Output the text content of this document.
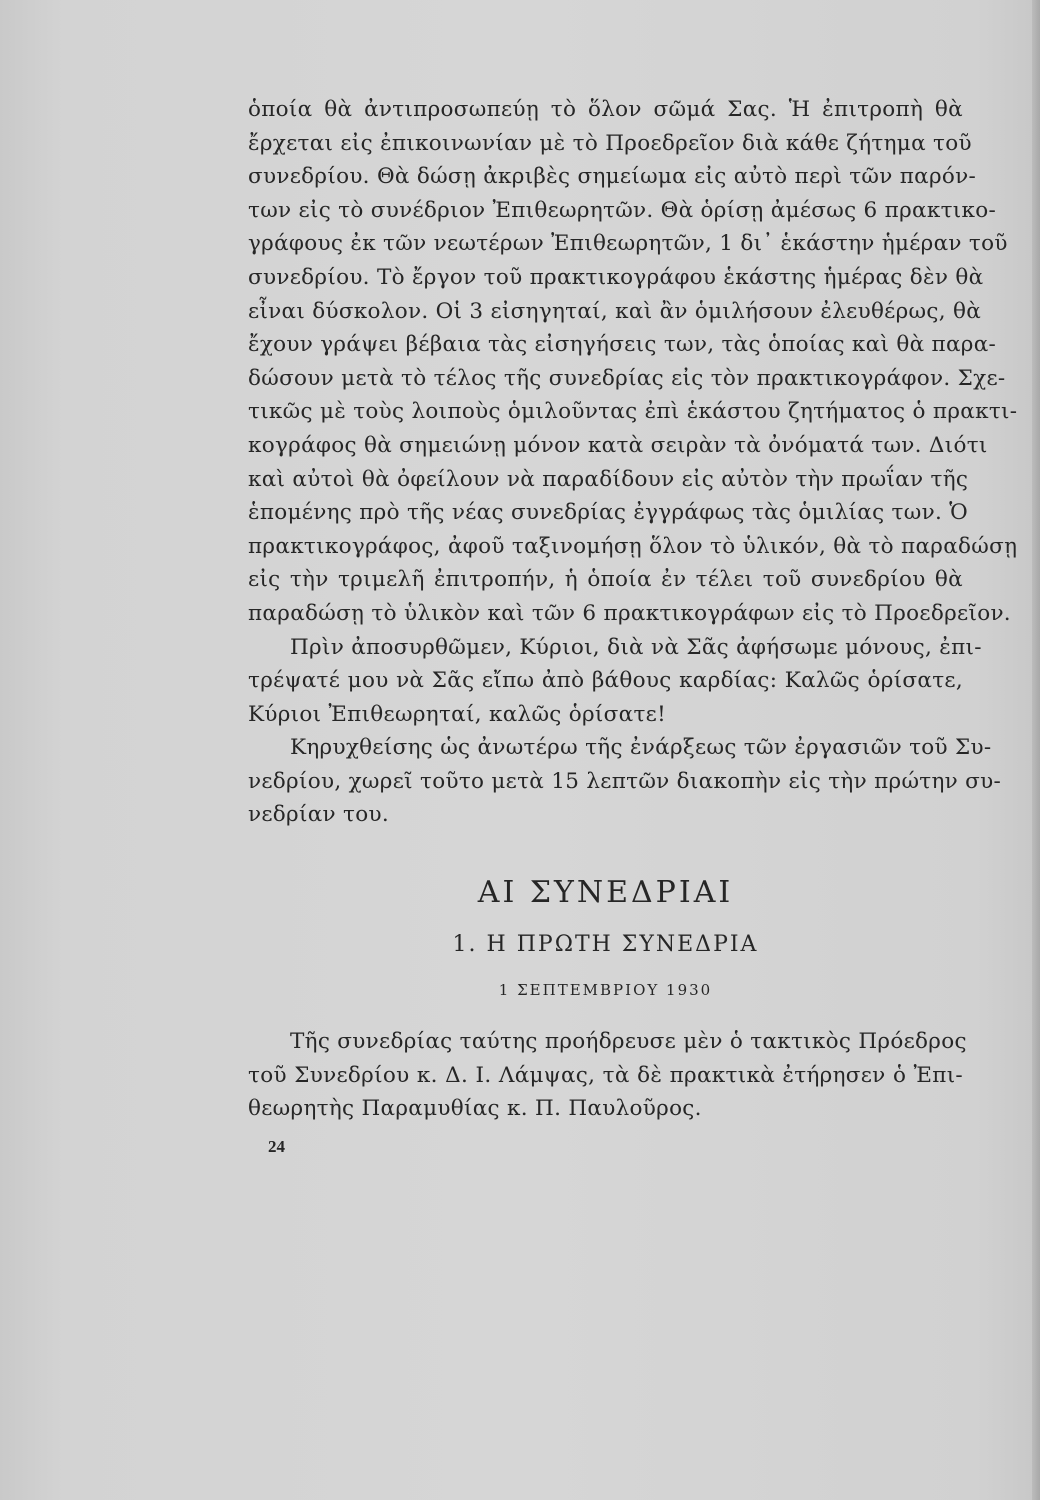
ὁποία θὰ ἀντιπροσωπεύῃ τὸ ὅλον σῶμά Σας. Ἡ ἐπιτροπὴ θὰ
ἔρχεται εἰς ἐπικοινωνίαν μὲ τὸ Προεδρεῖον διὰ κάθε ζήτημα τοῦ
συνεδρίου. Θὰ δώσῃ ἀκριβὲς σημείωμα εἰς αὐτὸ περὶ τῶν παρόν-
των εἰς τὸ συνέδριον Ἐπιθεωρητῶν. Θὰ ὁρίσῃ ἀμέσως 6 πρακτικο-
γράφους ἐκ τῶν νεωτέρων Ἐπιθεωρητῶν, 1 δι᾽ ἑκάστην ἡμέραν τοῦ
συνεδρίου. Τὸ ἔργον τοῦ πρακτικογράφου ἑκάστης ἡμέρας δὲν θὰ
εἶναι δύσκολον. Οἱ 3 εἰσηγηταί, καὶ ἂν ὁμιλήσουν ἐλευθέρως, θὰ
ἔχουν γράψει βέβαια τὰς εἰσηγήσεις των, τὰς ὁποίας καὶ θὰ παρα-
δώσουν μετὰ τὸ τέλος τῆς συνεδρίας εἰς τὸν πρακτικογράφον. Σχε-
τικῶς μὲ τοὺς λοιποὺς ὁμιλοῦντας ἐπὶ ἑκάστου ζητήματος ὁ πρακτι-
κογράφος θὰ σημειώνῃ μόνον κατὰ σειρὰν τὰ ὀνόματά των. Διότι
καὶ αὐτοὶ θὰ ὀφείλουν νὰ παραδίδουν εἰς αὐτὸν τὴν πρωΐαν τῆς
ἑπομένης πρὸ τῆς νέας συνεδρίας ἐγγράφως τὰς ὁμιλίας των. Ὁ
πρακτικογράφος, ἀφοῦ ταξινομήσῃ ὅλον τὸ ὑλικόν, θὰ τὸ παραδώσῃ
εἰς τὴν τριμελῆ ἐπιτροπήν, ἡ ὁποία ἐν τέλει τοῦ συνεδρίου θὰ
παραδώσῃ τὸ ὑλικὸν καὶ τῶν 6 πρακτικογράφων εἰς τὸ Προεδρεῖον.
Πρὶν ἀποσυρθῶμεν, Κύριοι, διὰ νὰ Σᾶς ἀφήσωμε μόνους, ἐπι-
τρέψατέ μου νὰ Σᾶς εἴπω ἀπὸ βάθους καρδίας: Καλῶς ὁρίσατε,
Κύριοι Ἐπιθεωρηταί, καλῶς ὁρίσατε!
Κηρυχθείσης ὡς ἀνωτέρω τῆς ἐνάρξεως τῶν ἐργασιῶν τοῦ Συ-
νεδρίου, χωρεῖ τοῦτο μετὰ 15 λεπτῶν διακοπὴν εἰς τὴν πρώτην συ-
νεδρίαν του.
ΑΙ ΣΥΝΕΔΡΙΑΙ
1. Η ΠΡΩΤΗ ΣΥΝΕΔΡΙΑ
1 ΣΕΠΤΕΜΒΡΙΟΥ 1930
Τῆς συνεδρίας ταύτης προήδρευσε μὲν ὁ τακτικὸς Πρόεδρος
τοῦ Συνεδρίου κ. Δ. Ι. Λάμψας, τὰ δὲ πρακτικὰ ἐτήρησεν ὁ Ἐπι-
θεωρητὴς Παραμυθίας κ. Π. Παυλοῦρος.
24
